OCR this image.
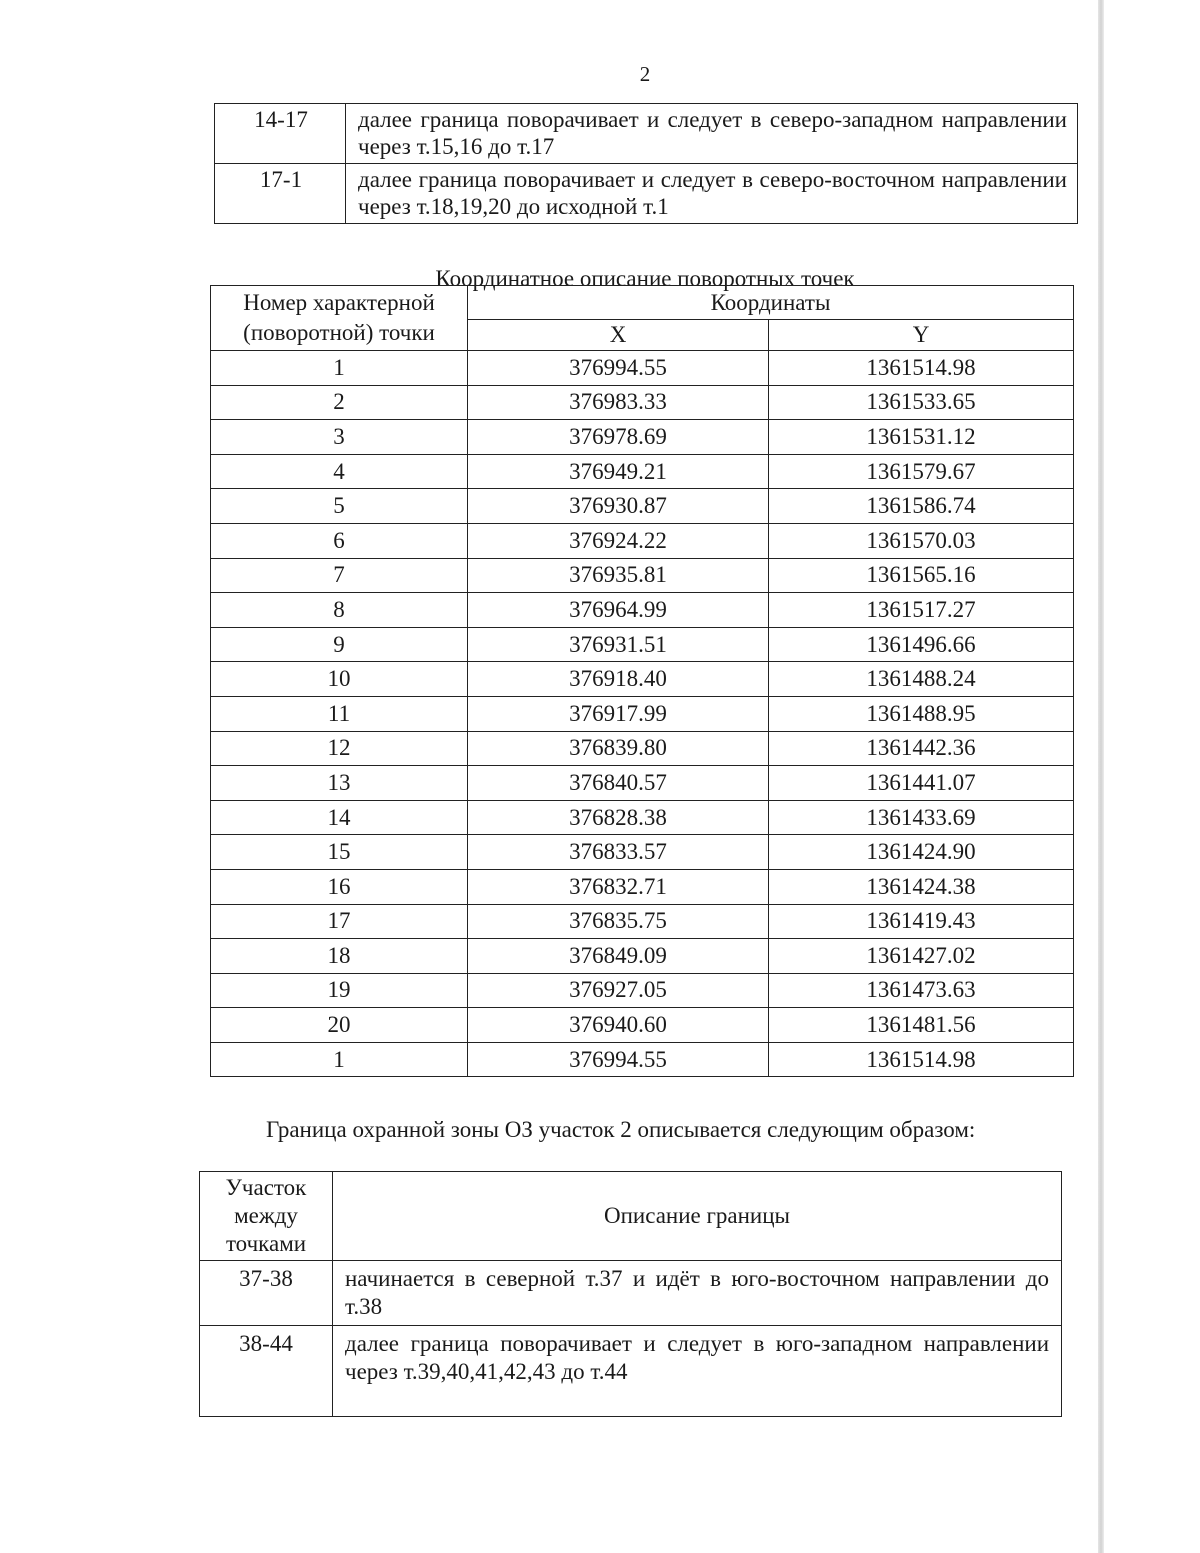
2
14-17	далее граница поворачивает и следует в северо-западном направлении через т.15,16 до т.17
17-1	далее граница поворачивает и следует в северо-восточном направлении через т.18,19,20 до исходной т.1
Координатное описание поворотных точек
Номер характерной (поворотной) точки	Координаты	
	X	Y
1	376994.55	1361514.98
2	376983.33	1361533.65
3	376978.69	1361531.12
4	376949.21	1361579.67
5	376930.87	1361586.74
6	376924.22	1361570.03
7	376935.81	1361565.16
8	376964.99	1361517.27
9	376931.51	1361496.66
10	376918.40	1361488.24
11	376917.99	1361488.95
12	376839.80	1361442.36
13	376840.57	1361441.07
14	376828.38	1361433.69
15	376833.57	1361424.90
16	376832.71	1361424.38
17	376835.75	1361419.43
18	376849.09	1361427.02
19	376927.05	1361473.63
20	376940.60	1361481.56
1	376994.55	1361514.98
Граница охранной зоны ОЗ участок 2 описывается следующим образом:
Участок между точками	Описание границы
37-38	начинается в северной т.37 и идёт в юго-восточном направлении до т.38
38-44	далее граница поворачивает и следует в юго-западном направлении через т.39,40,41,42,43 до т.44
